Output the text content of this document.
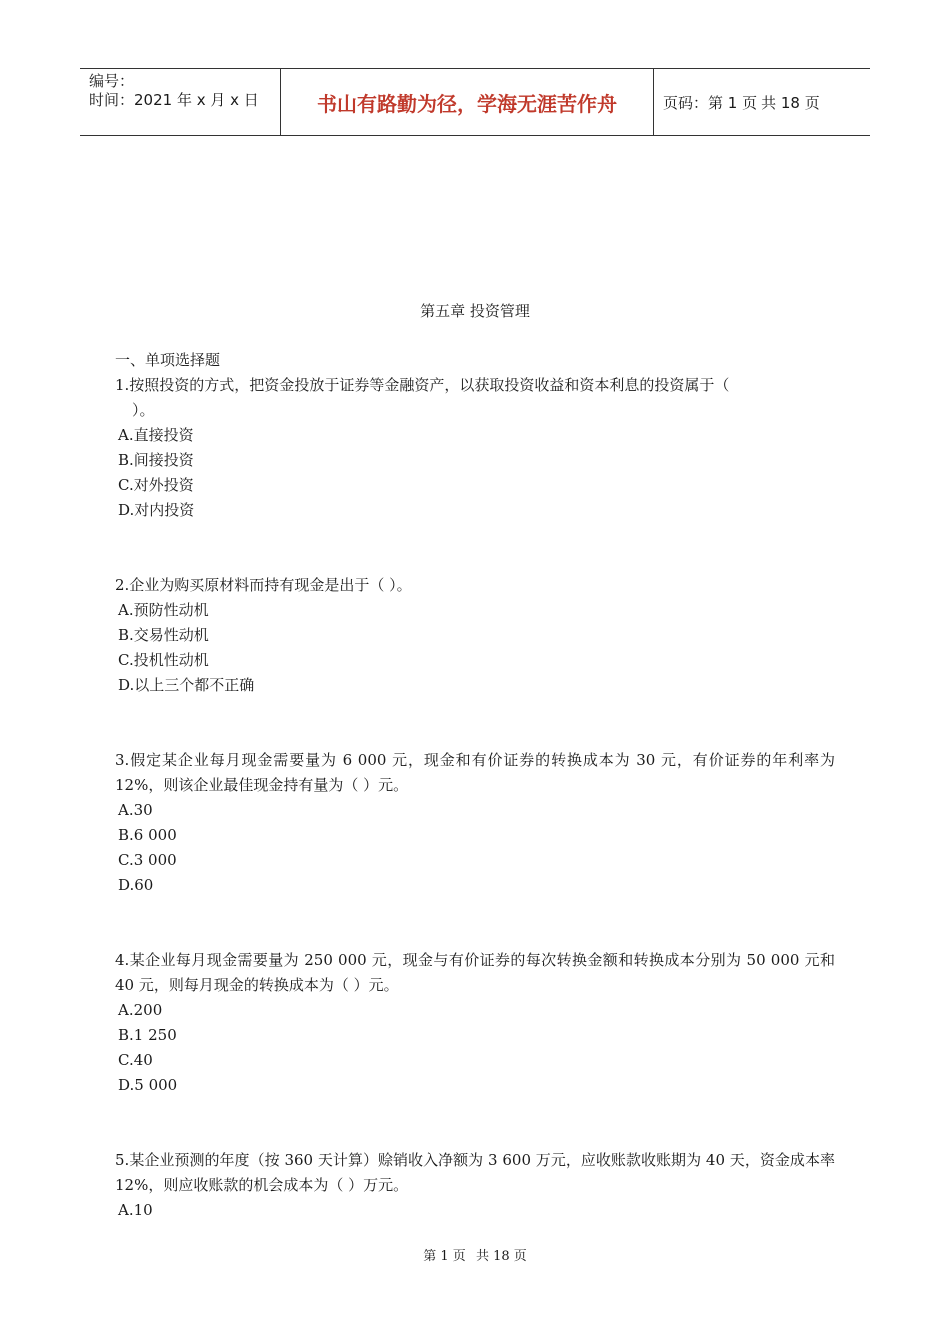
编号：
时间：2021 年 x 月 x 日	书山有路勤为径，学海无涯苦作舟	页码：第 1 页 共 18 页
第五章 投资管理

一、单项选择题

1.按照投资的方式，把资金投放于证券等金融资产，以获取投资收益和资本利息的投资属于（

）。
A.直接投资
B.间接投资
C.对外投资
D.对内投资

2.企业为购买原材料而持有现金是出于（ ）。

A.预防性动机
B.交易性动机
C.投机性动机
D.以上三个都不正确

3.假定某企业每月现金需要量为 6 000 元，现金和有价证券的转换成本为 30 元，有价证券的年利率为 12%，则该企业最佳现金持有量为（ ）元。

A.30
B.6 000
C.3 000
D.60

4.某企业每月现金需要量为 250 000 元，现金与有价证券的每次转换金额和转换成本分别为 50 000 元和 40 元，则每月现金的转换成本为（ ）元。

A.200
B.1 250
C.40
D.5 000

5.某企业预测的年度（按 360 天计算）赊销收入净额为 3 600 万元，应收账款收账期为 40 天，资金成本率 12%，则应收账款的机会成本为（ ）万元。

A.10
第 1 页 共 18 页
